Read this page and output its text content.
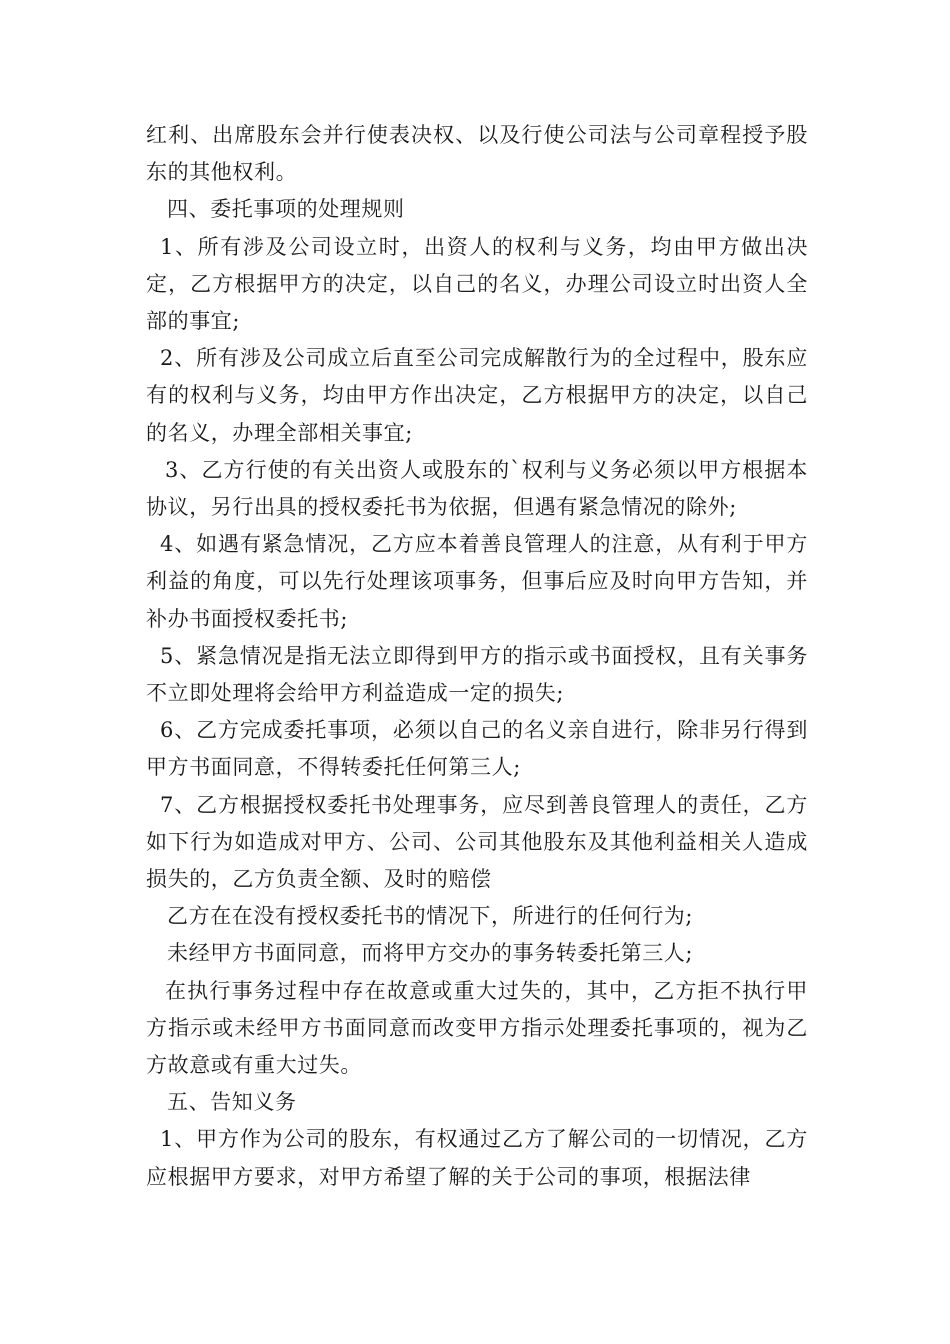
红利、出席股东会并行使表决权、以及行使公司法与公司章程授予股东的其他权利。

四、委托事项的处理规则

1、所有涉及公司设立时，出资人的权利与义务，均由甲方做出决定，乙方根据甲方的决定，以自己的名义，办理公司设立时出资人全部的事宜;

2、所有涉及公司成立后直至公司完成解散行为的全过程中，股东应有的权利与义务，均由甲方作出决定，乙方根据甲方的决定，以自己的名义，办理全部相关事宜;

3、乙方行使的有关出资人或股东的`权利与义务必须以甲方根据本协议，另行出具的授权委托书为依据，但遇有紧急情况的除外;

4、如遇有紧急情况，乙方应本着善良管理人的注意，从有利于甲方利益的角度，可以先行处理该项事务，但事后应及时向甲方告知，并补办书面授权委托书;

5、紧急情况是指无法立即得到甲方的指示或书面授权，且有关事务不立即处理将会给甲方利益造成一定的损失;

6、乙方完成委托事项，必须以自己的名义亲自进行，除非另行得到甲方书面同意，不得转委托任何第三人;

7、乙方根据授权委托书处理事务，应尽到善良管理人的责任，乙方如下行为如造成对甲方、公司、公司其他股东及其他利益相关人造成损失的，乙方负责全额、及时的赔偿

乙方在在没有授权委托书的情况下，所进行的任何行为;

未经甲方书面同意，而将甲方交办的事务转委托第三人;

在执行事务过程中存在故意或重大过失的，其中，乙方拒不执行甲方指示或未经甲方书面同意而改变甲方指示处理委托事项的，视为乙方故意或有重大过失。

五、告知义务

1、甲方作为公司的股东，有权通过乙方了解公司的一切情况，乙方应根据甲方要求，对甲方希望了解的关于公司的事项，根据法律
